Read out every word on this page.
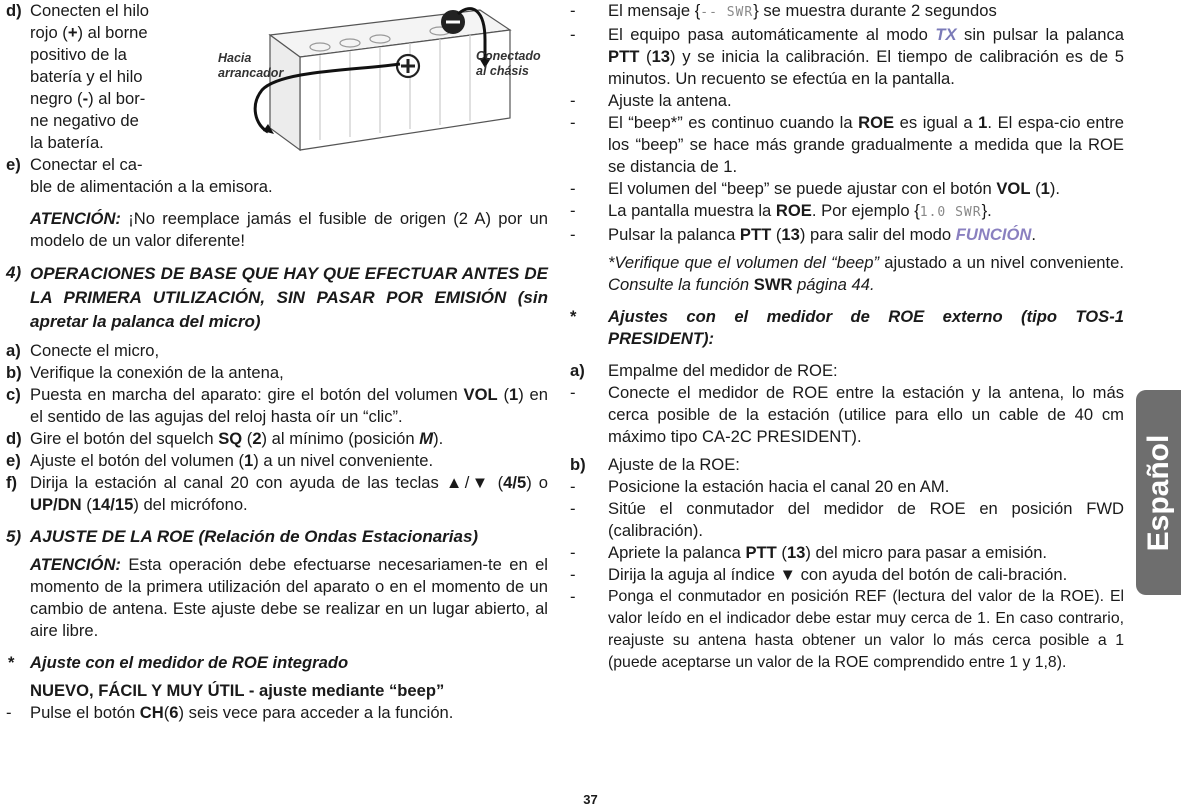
d) Conecten el hilo
rojo (+) al borne
positivo de la
batería y el hilo
negro (-) al bor-
ne negativo de
la batería.
e) Conectar el ca-
ble de alimentación a la emisora.
ATENCIÓN: ¡No reemplace jamás el fusible de origen (2 A) por un modelo de un valor diferente!
4) OPERACIONES DE BASE QUE HAY QUE EFECTUAR ANTES DE LA PRIMERA UTILIZACIÓN, SIN PASAR POR EMISIÓN (sin apretar la palanca del micro)
a) Conecte el micro,
b) Verifique la conexión de la antena,
c) Puesta en marcha del aparato: gire el botón del volumen VOL (1) en el sentido de las agujas del reloj hasta oír un “clic”.
d) Gire el botón del squelch SQ (2) al mínimo (posición M).
e) Ajuste el botón del volumen (1) a un nivel conveniente.
f) Dirija la estación al canal 20 con ayuda de las teclas ▲/▼ (4/5) o UP/DN (14/15) del micrófono.
5) AJUSTE DE LA ROE (Relación de Ondas Estacionarias)
ATENCIÓN: Esta operación debe efectuarse necesariamen-te en el momento de la primera utilización del aparato o en el momento de un cambio de antena. Este ajuste debe se realizar en un lugar abierto, al aire libre.
* Ajuste con el medidor de ROE integrado
NUEVO, FÁCIL Y MUY ÚTIL - ajuste mediante “beep”
-	Pulse el botón CH(6) seis vece para acceder a la función.
Hacia
arrancador
Conectado
al chásis
-	El mensaje {-- SWR} se muestra durante 2 segundos
-	El equipo pasa automáticamente al modo TX sin pulsar la palanca PTT (13) y se inicia la calibración. El tiempo de calibración es de 5 minutos. Un recuento se efectúa en la pantalla.
-	Ajuste la antena.
-	El “beep*” es continuo cuando la ROE es igual a 1. El espa-cio entre los “beep” se hace más grande gradualmente a medida que la ROE se distancia de 1.
-	El volumen del “beep” se puede ajustar con el botón VOL (1).
-	La pantalla muestra la ROE. Por ejemplo {1.0 SWR}.
-	Pulsar la palanca PTT (13) para salir del modo FUNCIÓN.
*Verifique que el volumen del “beep” ajustado a un nivel conveniente. Consulte la función SWR página 44.
*	Ajustes con el medidor de ROE externo (tipo TOS-1 PRESIDENT):
a)	Empalme del medidor de ROE:
-	Conecte el medidor de ROE entre la estación y la antena, lo más cerca posible de la estación (utilice para ello un cable de 40 cm máximo tipo CA-2C PRESIDENT).
b)	Ajuste de la ROE:
-	Posicione la estación hacia el canal 20 en AM.
-	Sitúe el conmutador del medidor de ROE en posición FWD (calibración).
-	Apriete la palanca PTT (13) del micro para pasar a emisión.
-	Dirija la aguja al índice ▼ con ayuda del botón de cali-bración.
-	Ponga el conmutador en posición REF (lectura del valor de la ROE). El valor leído en el indicador debe estar muy cerca de 1. En caso contrario, reajuste su antena hasta obtener un valor lo más cerca posible a 1 (puede aceptarse un valor de la ROE comprendido entre 1 y 1,8).
Español
37
